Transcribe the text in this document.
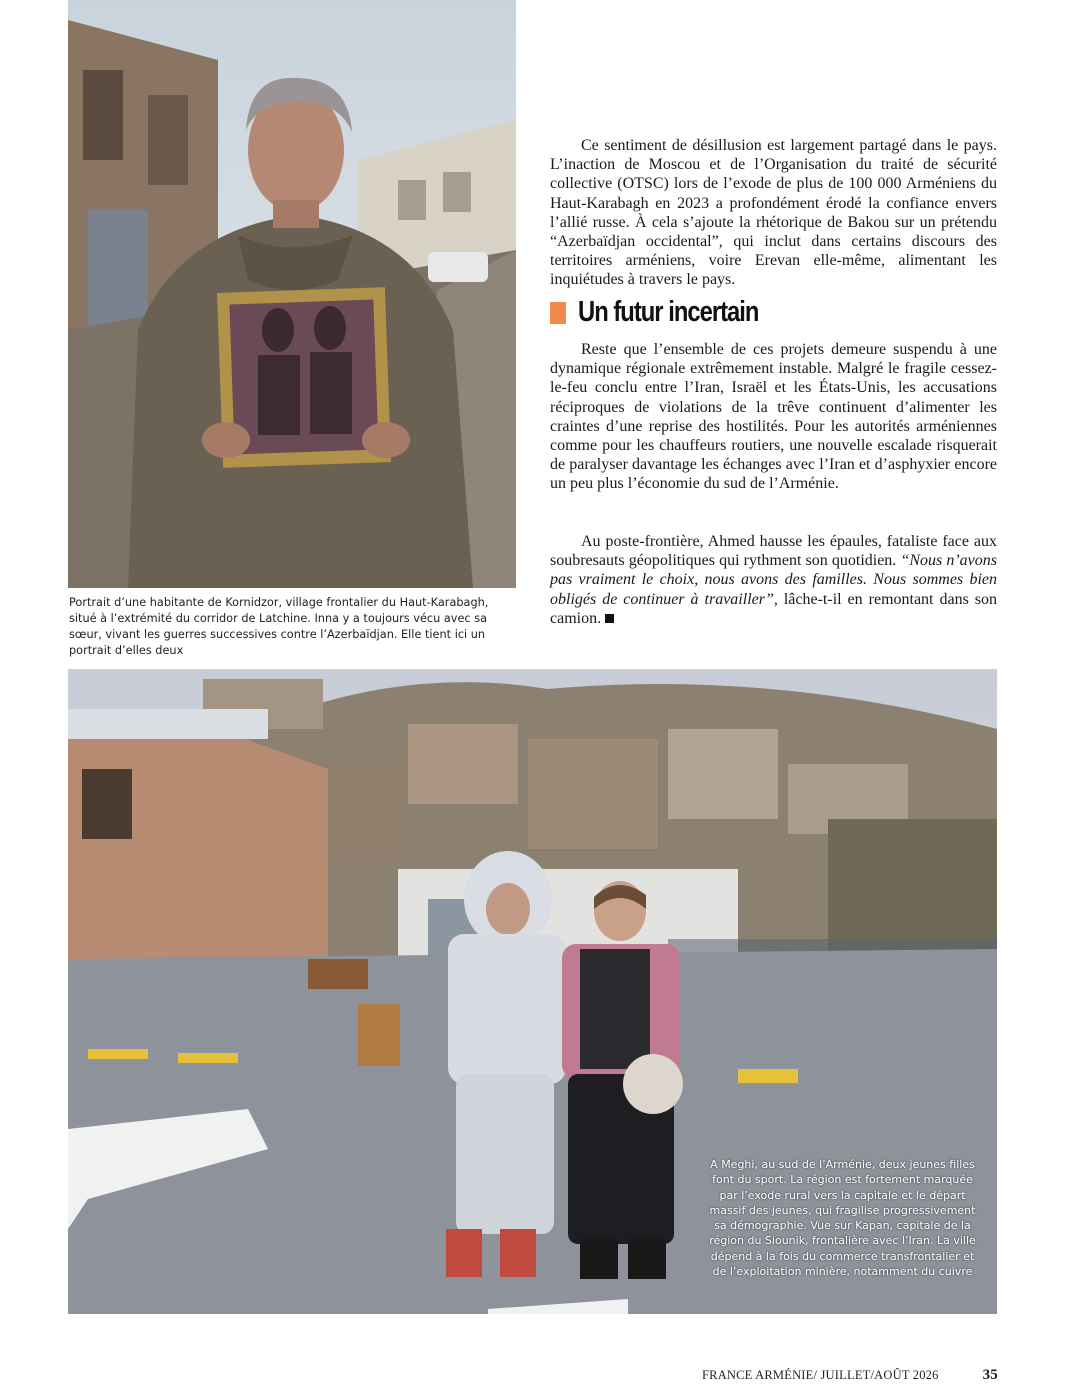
Portrait d’une habitante de Kornidzor, village frontalier du Haut-Karabagh, situé à l’extrémité du corridor de Latchine. Inna y a toujours vécu avec sa sœur, vivant les guerres successives contre l’Azerbaïdjan. Elle tient ici un portrait d’elles deux

Ce sentiment de désillusion est largement partagé dans le pays. L’inaction de Moscou et de l’Organisation du traité de sécurité collective (OTSC) lors de l’exode de plus de 100 000 Arméniens du Haut-Karabagh en 2023 a profondément érodé la confiance envers l’allié russe. À cela s’ajoute la rhétorique de Bakou sur un prétendu “Azerbaïdjan occidental”, qui inclut dans certains discours des territoires arméniens, voire Erevan elle-même, alimentant les inquiétudes à travers le pays.

Un futur incertain

Reste que l’ensemble de ces projets demeure suspendu à une dynamique régionale extrêmement instable. Malgré le fragile cessez-le-feu conclu entre l’Iran, Israël et les États-Unis, les accusations réciproques de violations de la trêve continuent d’alimenter les craintes d’une reprise des hostilités. Pour les autorités arméniennes comme pour les chauffeurs routiers, une nouvelle escalade risquerait de paralyser davantage les échanges avec l’Iran et d’asphyxier encore un peu plus l’économie du sud de l’Arménie.

Au poste-frontière, Ahmed hausse les épaules, fataliste face aux soubresauts géopolitiques qui rythment son quotidien. “Nous n’avons pas vraiment le choix, nous avons des familles. Nous sommes bien obligés de continuer à travailler”, lâche-t-il en remontant dans son camion.

A Meghi, au sud de l’Arménie, deux jeunes filles font du sport. La région est fortement marquée par l’exode rural vers la capitale et le départ massif des jeunes, qui fragilise progressivement sa démographie. Vue sur Kapan, capitale de la région du Siounik, frontalière avec l’Iran. La ville dépend à la fois du commerce transfrontalier et de l’exploitation minière, notamment du cuivre

FRANCE ARMÉNIE / JUILLET/AOÛT 2026	35
